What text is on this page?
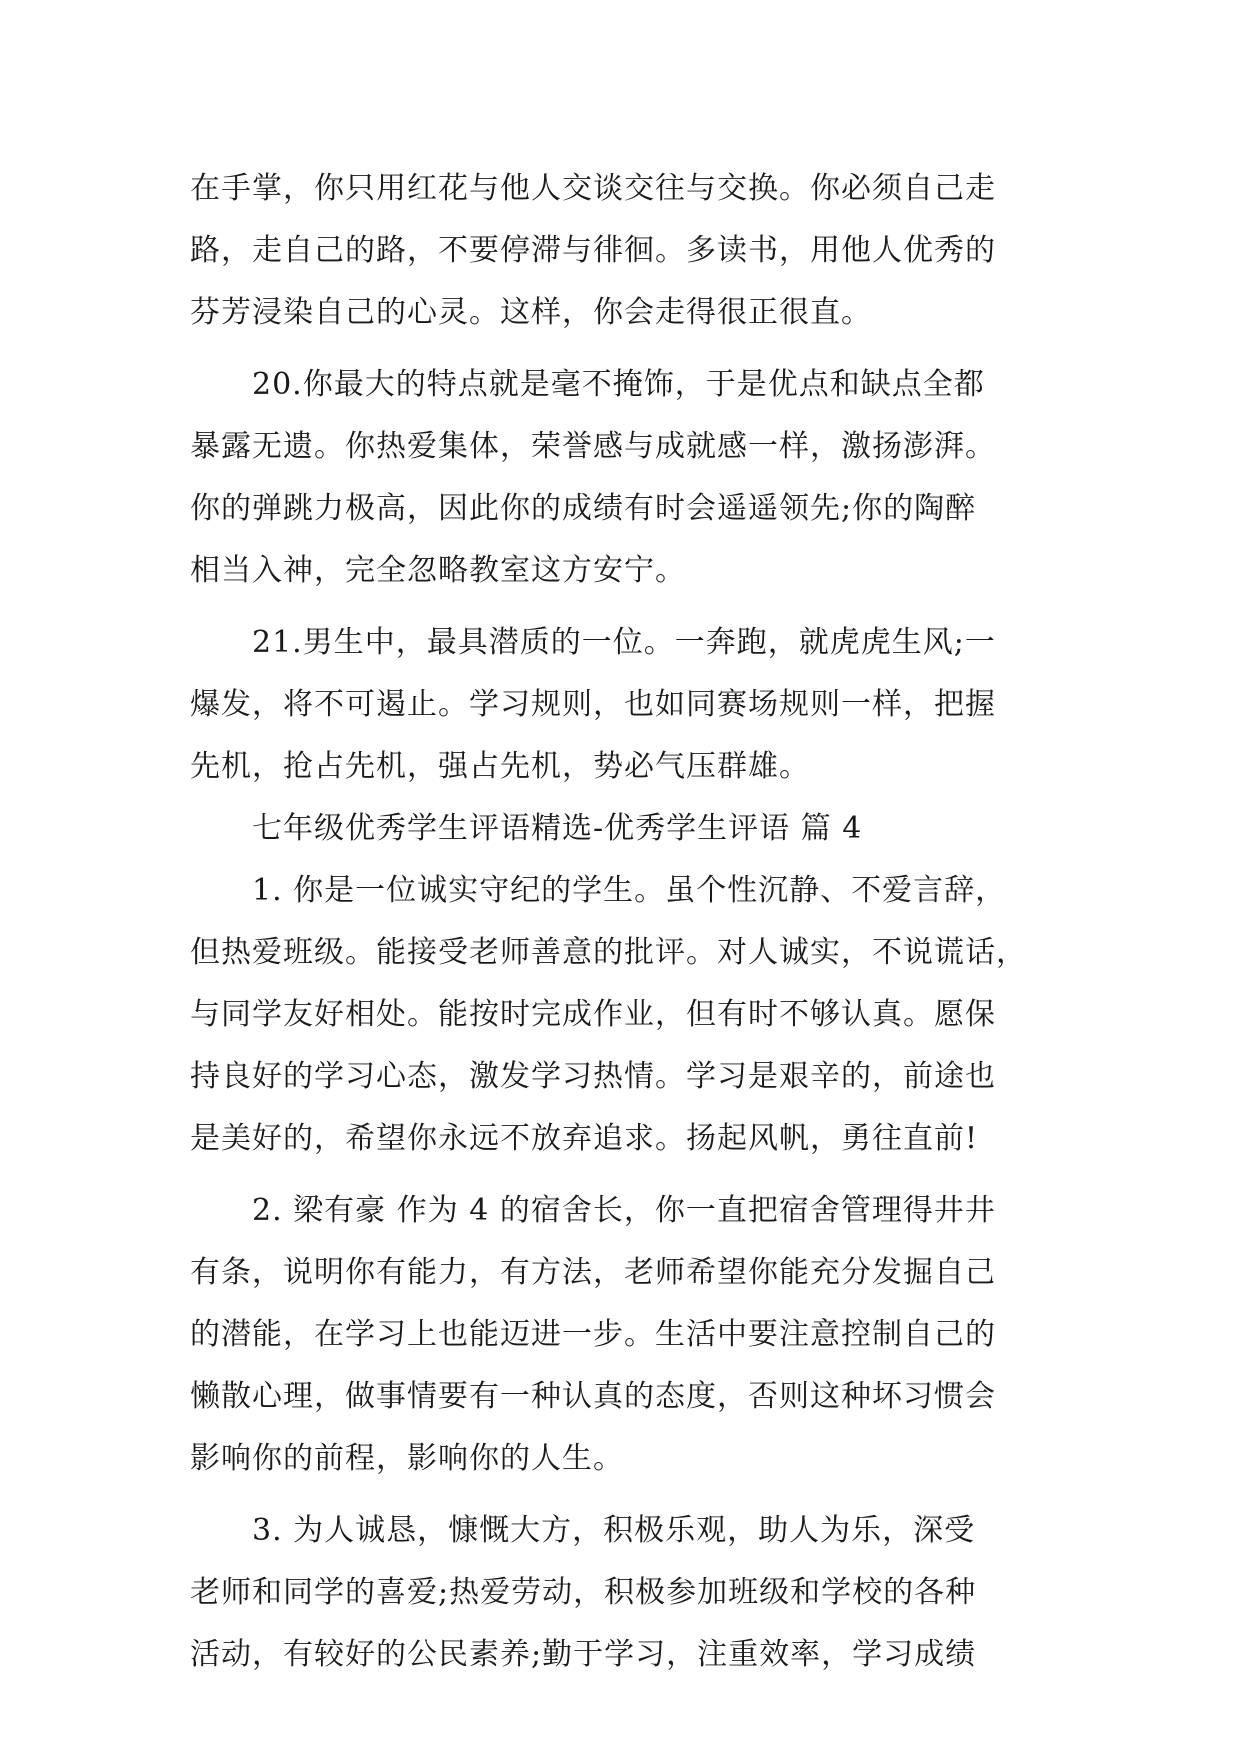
在手掌，你只用红花与他人交谈交往与交换。你必须自己走
路，走自己的路，不要停滞与徘徊。多读书，用他人优秀的
芬芳浸染自己的心灵。这样，你会走得很正很直。
20.你最大的特点就是毫不掩饰，于是优点和缺点全都
暴露无遗。你热爱集体，荣誉感与成就感一样，激扬澎湃。
你的弹跳力极高，因此你的成绩有时会遥遥领先;你的陶醉
相当入神，完全忽略教室这方安宁。
21.男生中，最具潜质的一位。一奔跑，就虎虎生风;一
爆发，将不可遏止。学习规则，也如同赛场规则一样，把握
先机，抢占先机，强占先机，势必气压群雄。
七年级优秀学生评语精选-优秀学生评语 篇 4
1. 你是一位诚实守纪的学生。虽个性沉静、不爱言辞，
但热爱班级。能接受老师善意的批评。对人诚实，不说谎话，
与同学友好相处。能按时完成作业，但有时不够认真。愿保
持良好的学习心态，激发学习热情。学习是艰辛的，前途也
是美好的，希望你永远不放弃追求。扬起风帆，勇往直前!
2. 梁有豪 作为 4 的宿舍长，你一直把宿舍管理得井井
有条，说明你有能力，有方法，老师希望你能充分发掘自己
的潜能，在学习上也能迈进一步。生活中要注意控制自己的
懒散心理，做事情要有一种认真的态度，否则这种坏习惯会
影响你的前程，影响你的人生。
3. 为人诚恳，慷慨大方，积极乐观，助人为乐，深受
老师和同学的喜爱;热爱劳动，积极参加班级和学校的各种
活动，有较好的公民素养;勤于学习，注重效率，学习成绩
